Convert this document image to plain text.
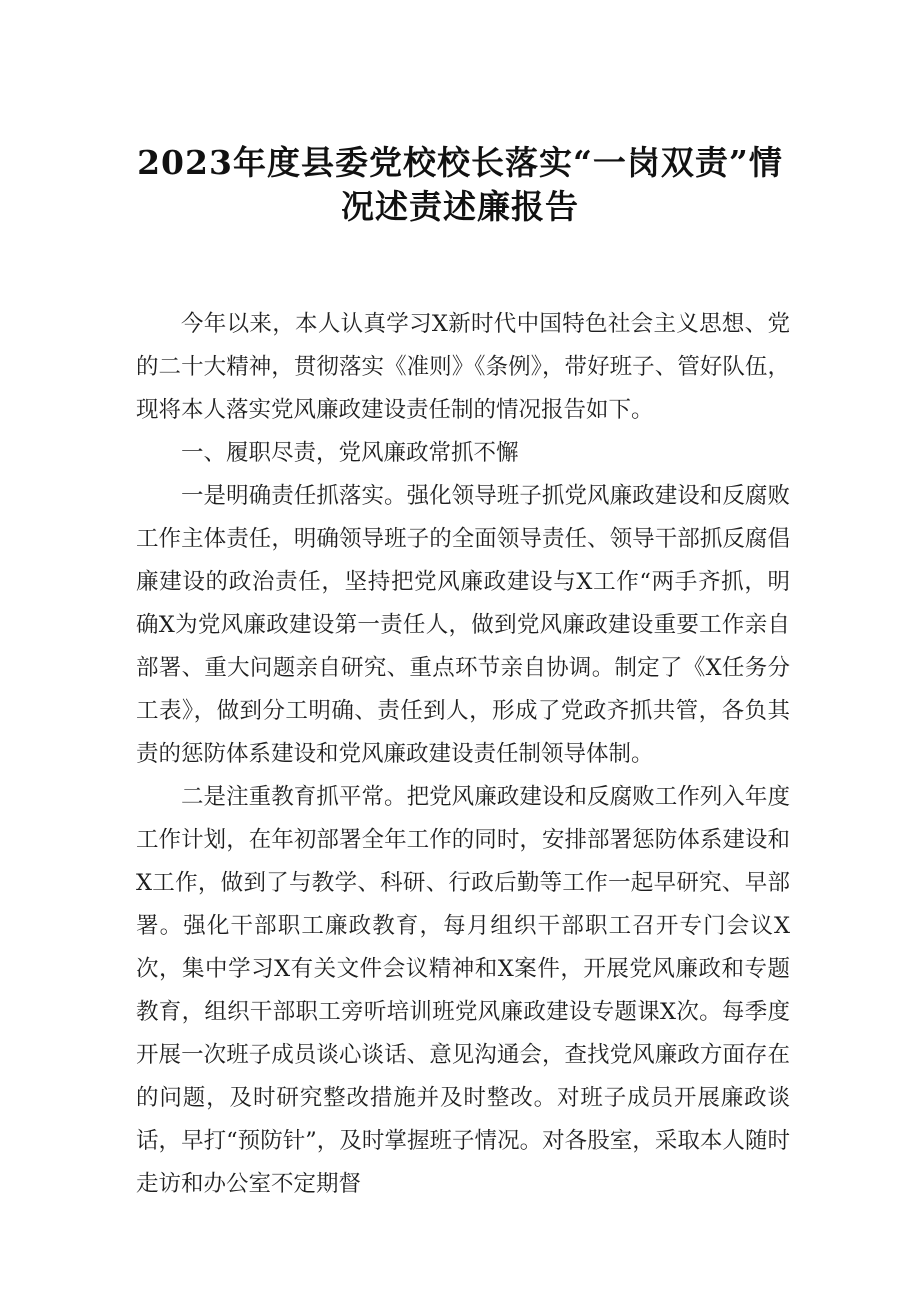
2023年度县委党校校长落实“一岗双责”情
况述责述廉报告

今年以来，本人认真学习X新时代中国特色社会主义思想、党的二十大精神，贯彻落实《准则》《条例》，带好班子、管好队伍，现将本人落实党风廉政建设责任制的情况报告如下。

一、履职尽责，党风廉政常抓不懈

一是明确责任抓落实。强化领导班子抓党风廉政建设和反腐败工作主体责任，明确领导班子的全面领导责任、领导干部抓反腐倡廉建设的政治责任，坚持把党风廉政建设与X工作“两手齐抓，明确X为党风廉政建设第一责任人，做到党风廉政建设重要工作亲自部署、重大问题亲自研究、重点环节亲自协调。制定了《X任务分工表》，做到分工明确、责任到人，形成了党政齐抓共管，各负其责的惩防体系建设和党风廉政建设责任制领导体制。

二是注重教育抓平常。把党风廉政建设和反腐败工作列入年度工作计划，在年初部署全年工作的同时，安排部署惩防体系建设和X工作，做到了与教学、科研、行政后勤等工作一起早研究、早部署。强化干部职工廉政教育，每月组织干部职工召开专门会议X次，集中学习X有关文件会议精神和X案件，开展党风廉政和专题教育，组织干部职工旁听培训班党风廉政建设专题课X次。每季度开展一次班子成员谈心谈话、意见沟通会，查找党风廉政方面存在的问题，及时研究整改措施并及时整改。对班子成员开展廉政谈话，早打“预防针”，及时掌握班子情况。对各股室，采取本人随时走访和办公室不定期督
